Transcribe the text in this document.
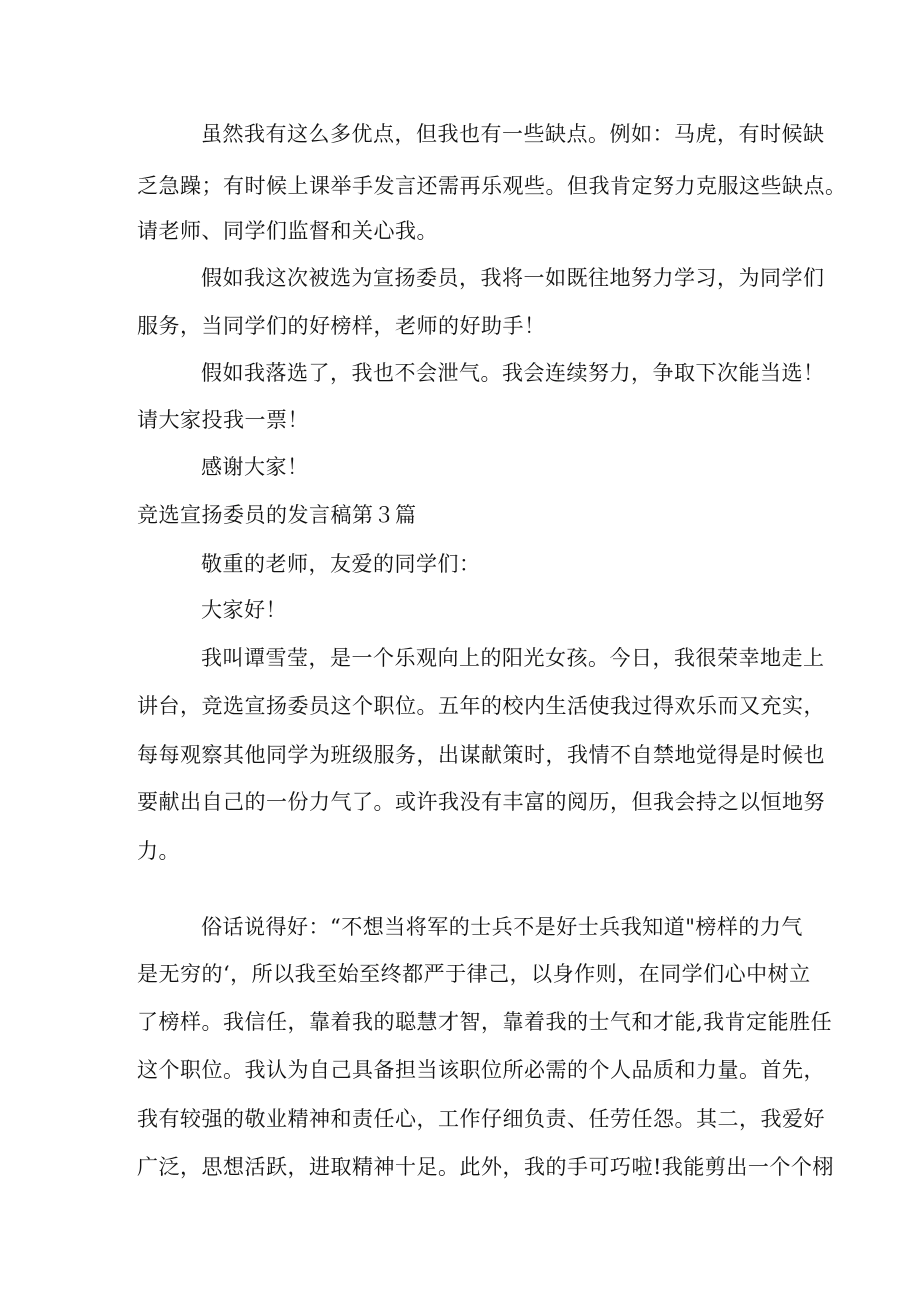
虽然我有这么多优点，但我也有一些缺点。例如：马虎，有时候缺
乏急躁；有时候上课举手发言还需再乐观些。但我肯定努力克服这些缺点。
请老师、同学们监督和关心我。
假如我这次被选为宣扬委员，我将一如既往地努力学习，为同学们
服务，当同学们的好榜样，老师的好助手！
假如我落选了，我也不会泄气。我会连续努力，争取下次能当选！
请大家投我一票！
感谢大家！
竞选宣扬委员的发言稿第３篇
敬重的老师，友爱的同学们：
大家好！
我叫谭雪莹，是一个乐观向上的阳光女孩。今日，我很荣幸地走上
讲台，竞选宣扬委员这个职位。五年的校内生活使我过得欢乐而又充实，
每每观察其他同学为班级服务，出谋献策时，我情不自禁地觉得是时候也
要献出自己的一份力气了。或许我没有丰富的阅历，但我会持之以恒地努
力。
俗话说得好：“不想当将军的士兵不是好士兵我知道"榜样的力气
是无穷的‘，所以我至始至终都严于律己，以身作则，在同学们心中树立
了榜样。我信任，靠着我的聪慧才智，靠着我的士气和才能,我肯定能胜任
这个职位。我认为自己具备担当该职位所必需的个人品质和力量。首先，
我有较强的敬业精神和责任心，工作仔细负责、任劳任怨。其二，我爱好
广泛，思想活跃，进取精神十足。此外，我的手可巧啦!我能剪出一个个栩
